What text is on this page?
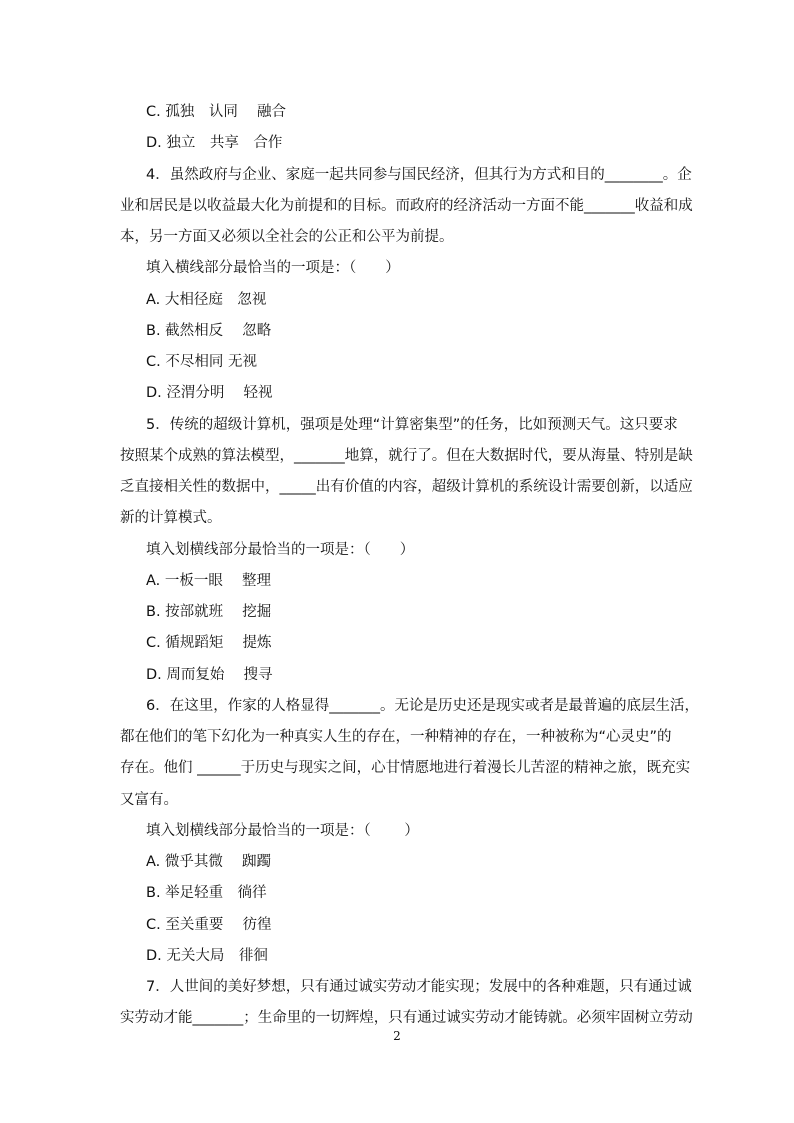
C. 孤独　认同　 融合
D. 独立　共享　合作
4．虽然政府与企业、家庭一起共同参与国民经济，但其行为方式和目的________。企
业和居民是以收益最大化为前提和的目标。而政府的经济活动一方面不能_______收益和成
本，另一方面又必须以全社会的公正和公平为前提。
填入横线部分最恰当的一项是：（　　）
A. 大相径庭　忽视
B. 截然相反　 忽略
C. 不尽相同 无视
D. 泾渭分明　 轻视
5．传统的超级计算机，强项是处理“计算密集型”的任务，比如预测天气。这只要求
按照某个成熟的算法模型，_______地算，就行了。但在大数据时代，要从海量、特别是缺
乏直接相关性的数据中，_____出有价值的内容，超级计算机的系统设计需要创新，以适应
新的计算模式。
填入划横线部分最恰当的一项是：（　　）
A. 一板一眼　 整理
B. 按部就班　 挖掘
C. 循规蹈矩　 提炼
D. 周而复始　 搜寻
6．在这里，作家的人格显得_______。无论是历史还是现实或者是最普遍的底层生活，
都在他们的笔下幻化为一种真实人生的存在，一种精神的存在，一种被称为“心灵史”的
存在。他们 ______于历史与现实之间，心甘情愿地进行着漫长儿苦涩的精神之旅，既充实
又富有。
填入划横线部分最恰当的一项是：（　　 ）
A. 微乎其微　 踟躅
B. 举足轻重　徜徉
C. 至关重要　 彷徨
D. 无关大局　徘徊
7．人世间的美好梦想，只有通过诚实劳动才能实现；发展中的各种难题，只有通过诚
实劳动才能_______；生命里的一切辉煌，只有通过诚实劳动才能铸就。必须牢固树立劳动
2
